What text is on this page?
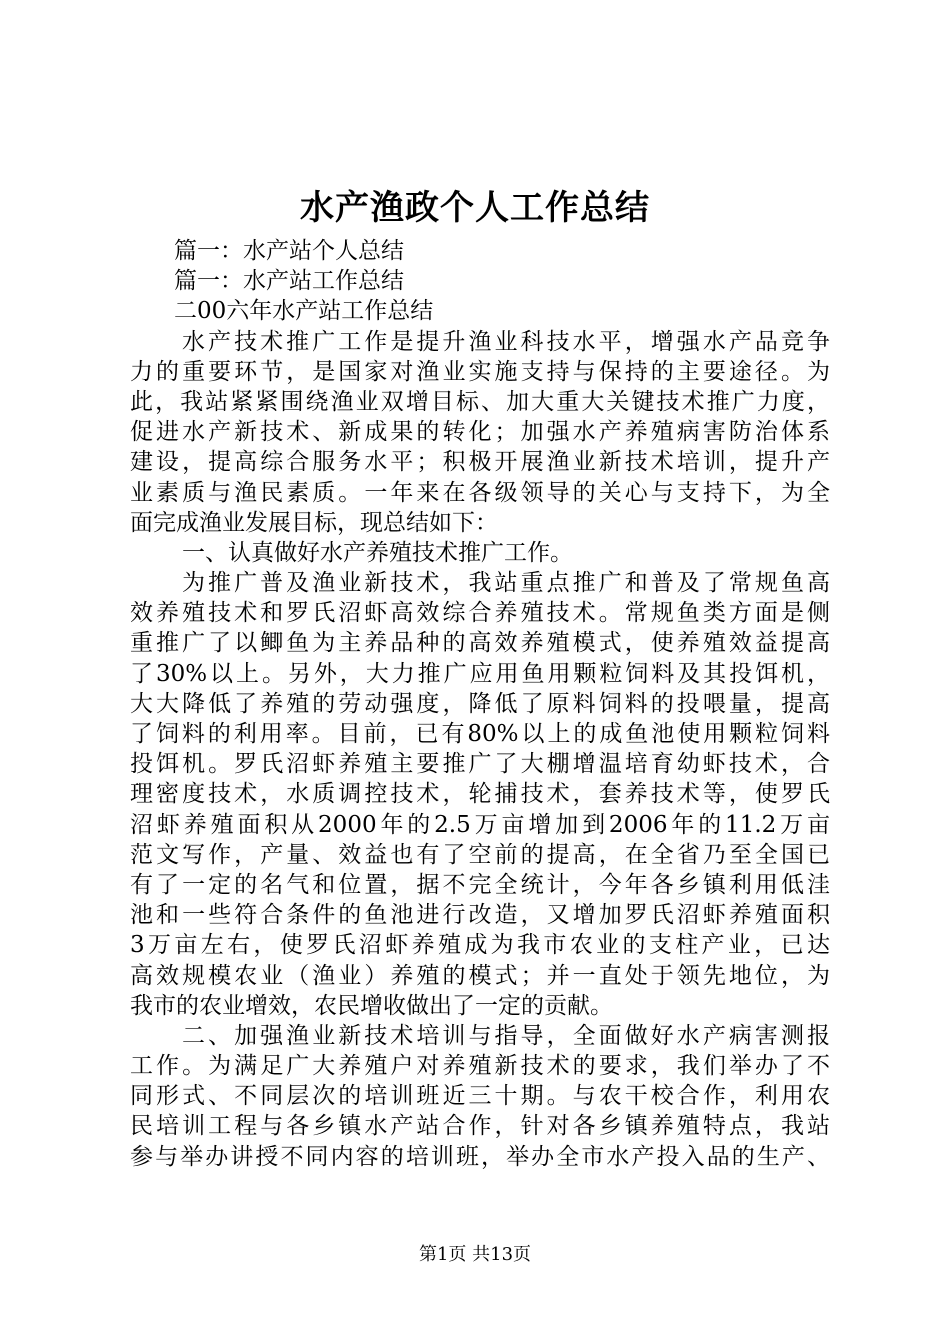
水产渔政个人工作总结
篇一：水产站个人总结
篇一：水产站工作总结
二00六年水产站工作总结
水产技术推广工作是提升渔业科技水平，增强水产品竞争
力的重要环节，是国家对渔业实施支持与保持的主要途径。为
此，我站紧紧围绕渔业双增目标、加大重大关键技术推广力度，
促进水产新技术、新成果的转化；加强水产养殖病害防治体系
建设，提高综合服务水平；积极开展渔业新技术培训，提升产
业素质与渔民素质。一年来在各级领导的关心与支持下，为全
面完成渔业发展目标，现总结如下：
一、认真做好水产养殖技术推广工作。
为推广普及渔业新技术，我站重点推广和普及了常规鱼高
效养殖技术和罗氏沼虾高效综合养殖技术。常规鱼类方面是侧
重推广了以鲫鱼为主养品种的高效养殖模式，使养殖效益提高
了30%以上。另外，大力推广应用鱼用颗粒饲料及其投饵机，
大大降低了养殖的劳动强度，降低了原料饲料的投喂量，提高
了饲料的利用率。目前，已有80%以上的成鱼池使用颗粒饲料
投饵机。罗氏沼虾养殖主要推广了大棚增温培育幼虾技术，合
理密度技术，水质调控技术，轮捕技术，套养技术等，使罗氏
沼虾养殖面积从2000年的2.5万亩增加到2006年的11.2万亩
范文写作，产量、效益也有了空前的提高，在全省乃至全国已
有了一定的名气和位置，据不完全统计，今年各乡镇利用低洼
池和一些符合条件的鱼池进行改造，又增加罗氏沼虾养殖面积
3万亩左右，使罗氏沼虾养殖成为我市农业的支柱产业，已达
高效规模农业（渔业）养殖的模式；并一直处于领先地位，为
我市的农业增效，农民增收做出了一定的贡献。
二、加强渔业新技术培训与指导，全面做好水产病害测报
工作。为满足广大养殖户对养殖新技术的要求，我们举办了不
同形式、不同层次的培训班近三十期。与农干校合作，利用农
民培训工程与各乡镇水产站合作，针对各乡镇养殖特点，我站
参与举办讲授不同内容的培训班，举办全市水产投入品的生产、
第1页 共13页
